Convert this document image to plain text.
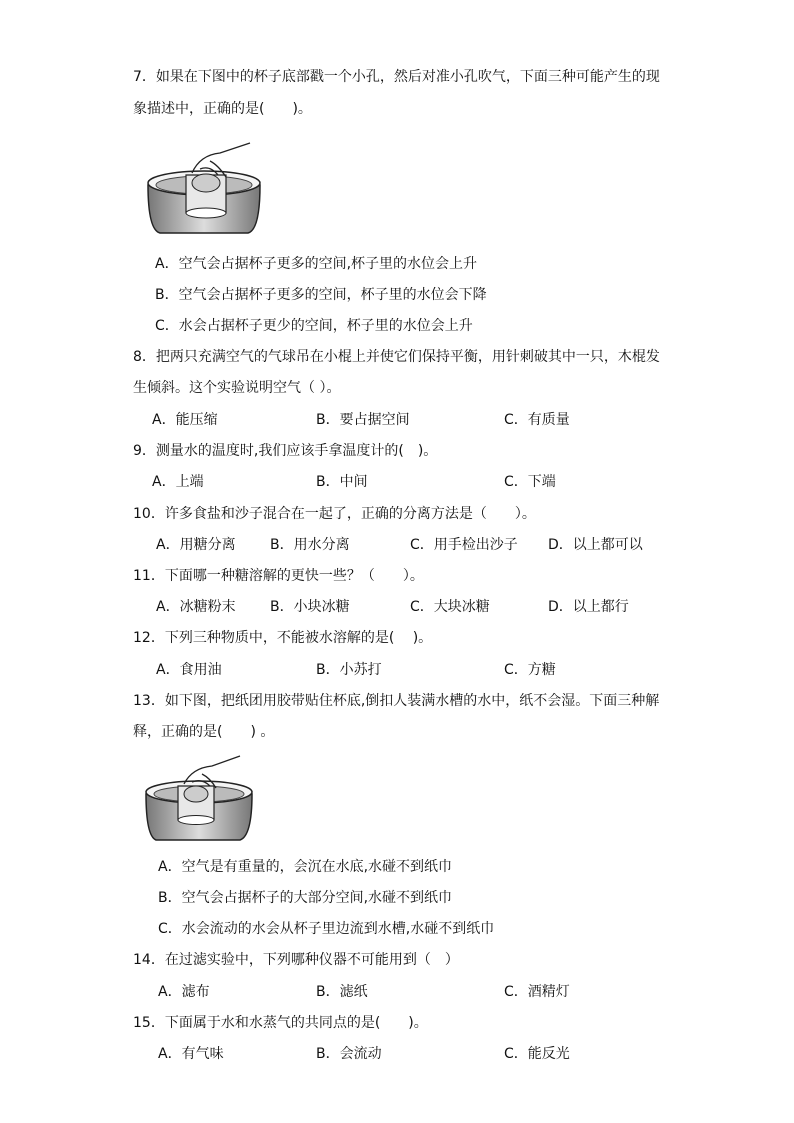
7．如果在下图中的杯子底部戳一个小孔，然后对准小孔吹气，下面三种可能产生的现
象描述中，正确的是(　　)。
A．空气会占据杯子更多的空间,杯子里的水位会上升
B．空气会占据杯子更多的空间，杯子里的水位会下降
C．水会占据杯子更少的空间，杯子里的水位会上升
8．把两只充满空气的气球吊在小棍上并使它们保持平衡，用针刺破其中一只，木棍发
生倾斜。这个实验说明空气（ ）。
A．能压缩	B．要占据空间	C．有质量
9．测量水的温度时,我们应该手拿温度计的(　)。
A．上端	B．中间	C．下端
10．许多食盐和沙子混合在一起了，正确的分离方法是（　　）。
A．用糖分离 B．用水分离	C．用手检出沙子 D．以上都可以
11．下面哪一种糖溶解的更快一些？（　　）。
A．冰糖粉末 B．小块冰糖	C．大块冰糖	D．以上都行
12．下列三种物质中，不能被水溶解的是(　 )。
A．食用油	B．小苏打	C．方糖
13．如下图，把纸团用胶带贴住杯底,倒扣人装满水槽的水中，纸不会湿。下面三种解
释，正确的是(　　) 。
A．空气是有重量的，会沉在水底,水碰不到纸巾
B．空气会占据杯子的大部分空间,水碰不到纸巾
C．水会流动的水会从杯子里边流到水槽,水碰不到纸巾
14．在过滤实验中，下列哪种仪器不可能用到（　）
A．滤布	B．滤纸	C．酒精灯
15．下面属于水和水蒸气的共同点的是(　　)。
A．有气味	B．会流动	C．能反光
